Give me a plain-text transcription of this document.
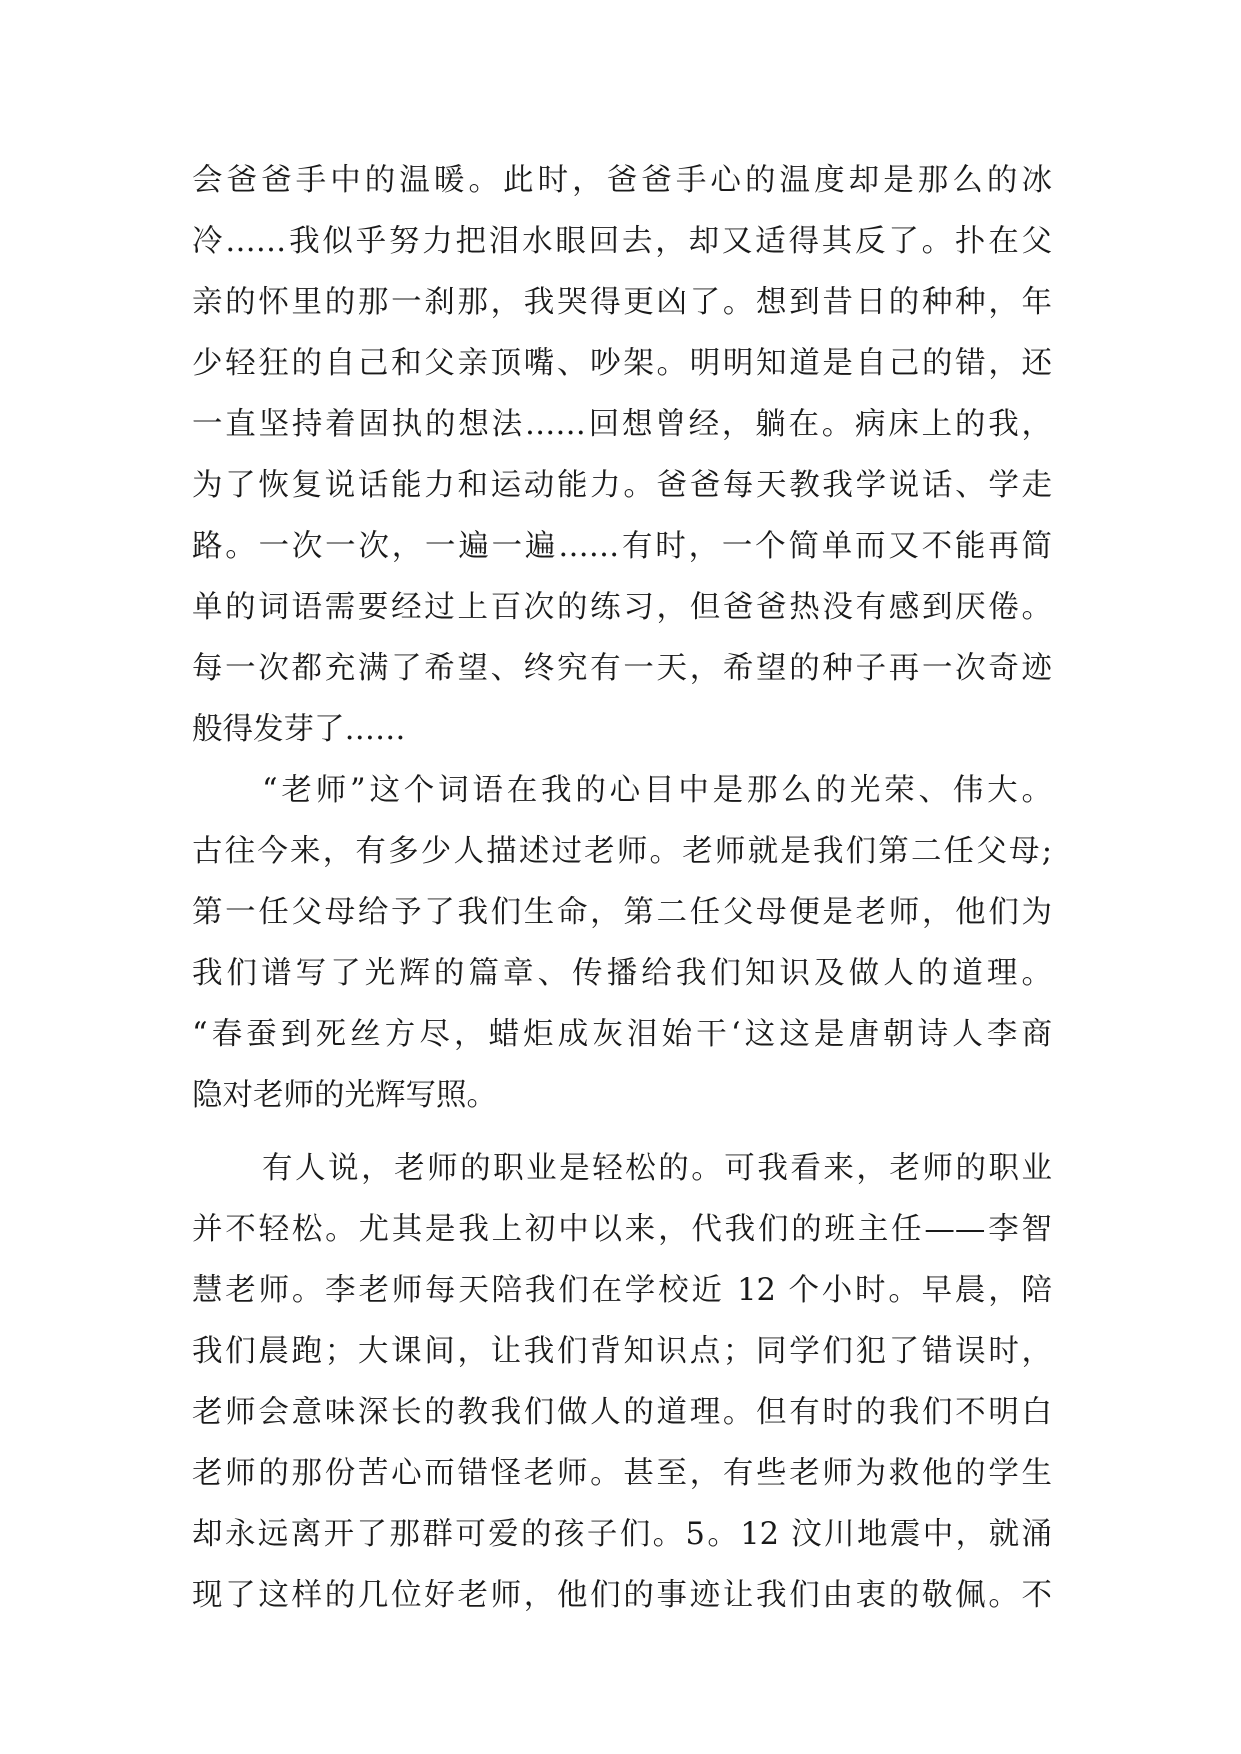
会爸爸手中的温暖。此时，爸爸手心的温度却是那么的冰
冷……我似乎努力把泪水眼回去，却又适得其反了。扑在父
亲的怀里的那一刹那，我哭得更凶了。想到昔日的种种，年
少轻狂的自己和父亲顶嘴、吵架。明明知道是自己的错，还
一直坚持着固执的想法……回想曾经，躺在。病床上的我，
为了恢复说话能力和运动能力。爸爸每天教我学说话、学走
路。一次一次，一遍一遍……有时，一个简单而又不能再简
单的词语需要经过上百次的练习，但爸爸热没有感到厌倦。
每一次都充满了希望、终究有一天，希望的种子再一次奇迹
般得发芽了……
“老师”这个词语在我的心目中是那么的光荣、伟大。
古往今来，有多少人描述过老师。老师就是我们第二任父母;
第一任父母给予了我们生命，第二任父母便是老师，他们为
我们谱写了光辉的篇章、传播给我们知识及做人的道理。
“春蚕到死丝方尽，蜡炬成灰泪始干‘这这是唐朝诗人李商
隐对老师的光辉写照。
有人说，老师的职业是轻松的。可我看来，老师的职业
并不轻松。尤其是我上初中以来，代我们的班主任——李智
慧老师。李老师每天陪我们在学校近 12 个小时。早晨，陪
我们晨跑；大课间，让我们背知识点；同学们犯了错误时，
老师会意味深长的教我们做人的道理。但有时的我们不明白
老师的那份苦心而错怪老师。甚至，有些老师为救他的学生
却永远离开了那群可爱的孩子们。5。12 汶川地震中，就涌
现了这样的几位好老师，他们的事迹让我们由衷的敬佩。不
